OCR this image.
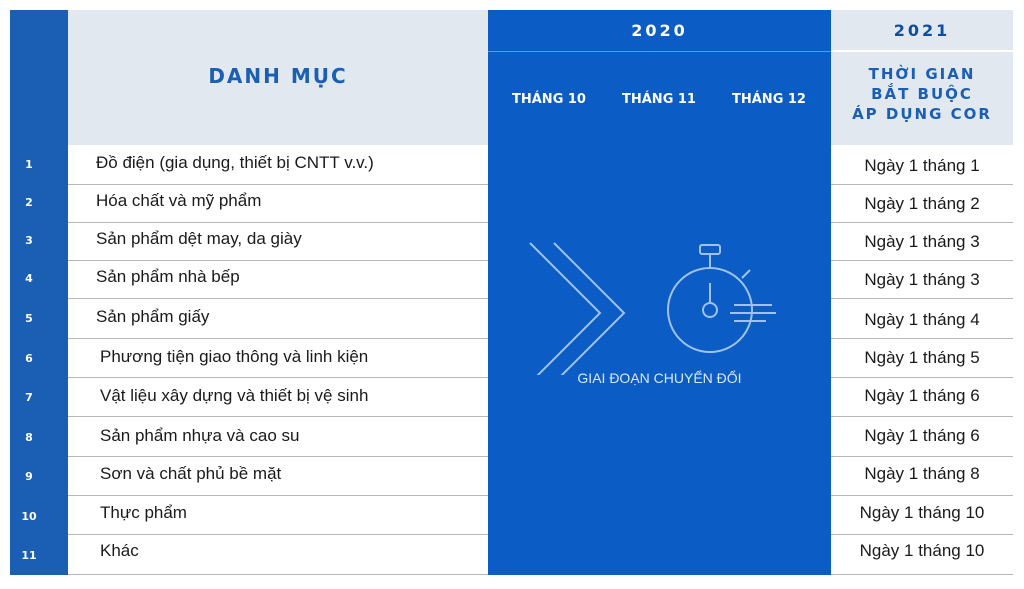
DANH MỤC
2020
THÁNG 10	THÁNG 11	THÁNG 12
2021
THỜI GIAN
BẮT BUỘC
ÁP DỤNG COR
GIAI ĐOẠN CHUYỂN ĐỔI
1	Đồ điện (gia dụng, thiết bị CNTT v.v.)	Ngày 1 tháng 1
2	Hóa chất và mỹ phẩm	Ngày 1 tháng 2
3	Sản phẩm dệt may, da giày	Ngày 1 tháng 3
4	Sản phẩm nhà bếp	Ngày 1 tháng 3
5	Sản phẩm giấy	Ngày 1 tháng 4
6	Phương tiện giao thông và linh kiện	Ngày 1 tháng 5
7	Vật liệu xây dựng và thiết bị vệ sinh	Ngày 1 tháng 6
8	Sản phẩm nhựa và cao su	Ngày 1 tháng 6
9	Sơn và chất phủ bề mặt	Ngày 1 tháng 8
10	Thực phẩm	Ngày 1 tháng 10
11	Khác	Ngày 1 tháng 10
